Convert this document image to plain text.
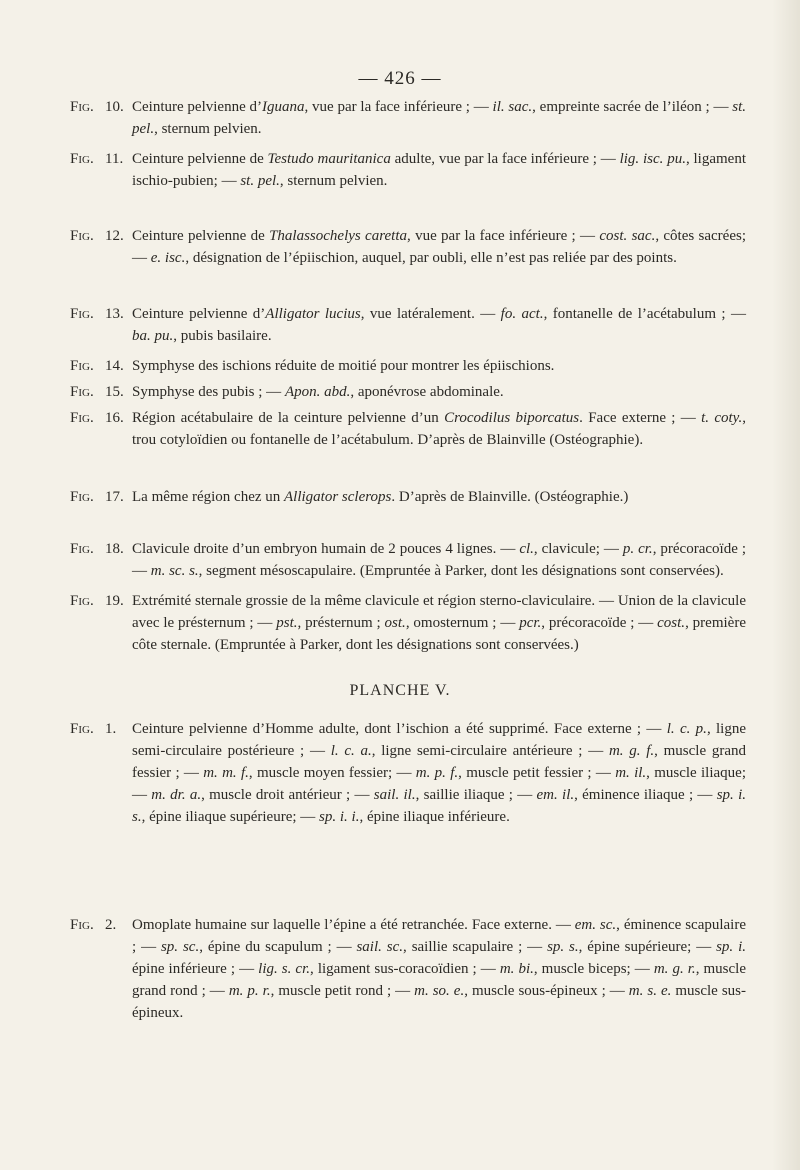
— 426 —
Fig. 10. Ceinture pelvienne d’Iguana, vue par la face inférieure ; — il. sac., empreinte sacrée de l’iléon ; — st. pel., sternum pelvien.
Fig. 11. Ceinture pelvienne de Testudo mauritanica adulte, vue par la face inférieure ; — lig. isc. pu., ligament ischio-pubien; — st. pel., sternum pelvien.
Fig. 12. Ceinture pelvienne de Thalassochelys caretta, vue par la face inférieure ; — cost. sac., côtes sacrées;— e. isc., désignation de l’épiischion, auquel, par oubli, elle n’est pas reliée par des points.
Fig. 13. Ceinture pelvienne d’Alligator lucius, vue latéralement. — fo. act., fontanelle de l’acétabulum ; — ba. pu., pubis basilaire.
Fig. 14. Symphyse des ischions réduite de moitié pour montrer les épiischions.
Fig. 15. Symphyse des pubis ; — Apon. abd., aponévrose abdominale.
Fig. 16. Région acétabulaire de la ceinture pelvienne d’un Crocodilus biporcatus. Face externe ; — t. coty., trou cotyloïdien ou fontanelle de l’acétabulum. D’après de Blainville (Ostéographie).
Fig. 17. La même région chez un Alligator sclerops. D’après de Blainville. (Ostéographie.)
Fig. 18. Clavicule droite d’un embryon humain de 2 pouces 4 lignes. — cl., clavicule; — p. cr., précoracoïde ; — m. sc. s., segment mésoscapulaire. (Empruntée à Parker, dont les désignations sont conservées).
Fig. 19. Extrémité sternale grossie de la même clavicule et région sterno-claviculaire. — Union de la clavicule avec le présternum ; — pst., présternum ; ost., omosternum ; — pcr., précoracoïde ; — cost., première côte sternale. (Empruntée à Parker, dont les désignations sont conservées.)
PLANCHE V.
Fig. 1. Ceinture pelvienne d’Homme adulte, dont l’ischion a été supprimé. Face externe ; — l. c. p., ligne semi-circulaire postérieure ; — l. c. a., ligne semi-circulaire antérieure ; — m. g. f., muscle grand fessier ; — m. m. f., muscle moyen fessier; — m. p. f., muscle petit fessier ; — m. il., muscle iliaque; — m. dr. a., muscle droit antérieur ; — sail. il., saillie iliaque ; — em. il., éminence iliaque ; — sp. i. s., épine iliaque supérieure; — sp. i. i., épine iliaque inférieure.
Fig. 2. Omoplate humaine sur laquelle l’épine a été retranchée. Face externe. — em. sc., éminence scapulaire ; — sp. sc., épine du scapulum ; — sail. sc., saillie scapulaire ; — sp. s., épine supérieure; — sp. i. épine inférieure ; — lig. s. cr., ligament sus-coracoïdien ; — m. bi., muscle biceps; — m. g. r., muscle grand rond ; — m. p. r., muscle petit rond ; — m. so. e., muscle sous-épineux ; — m. s. e. muscle sus-épineux.
